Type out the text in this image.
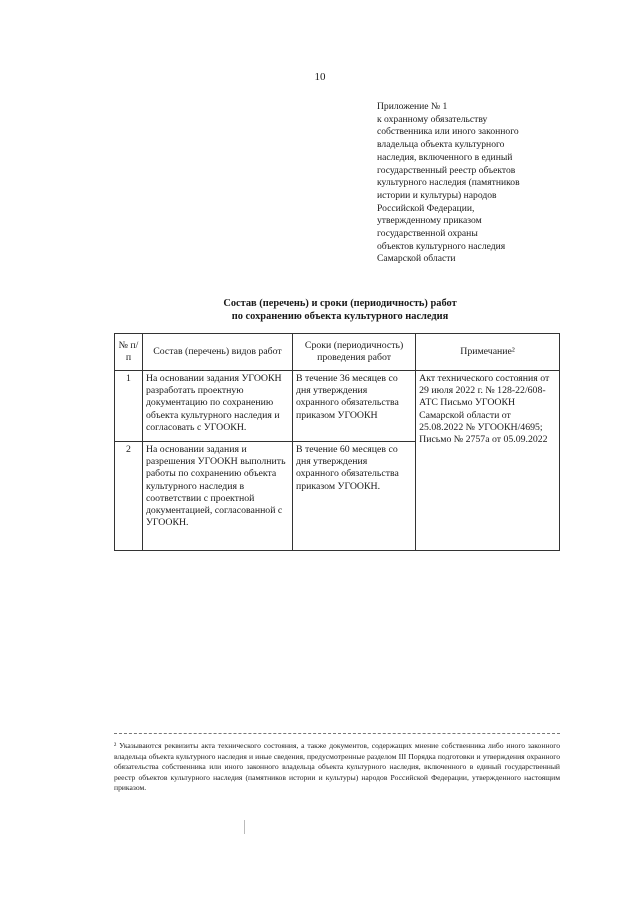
10
Приложение № 1
к охранному обязательству
собственника или иного законного
владельца объекта культурного
наследия, включенного в единый
государственный реестр объектов
культурного наследия (памятников
истории и культуры) народов
Российской Федерации,
утвержденному приказом
государственной охраны
объектов культурного наследия
Самарской области
Состав (перечень) и сроки (периодичность) работ
по сохранению объекта культурного наследия
№ п/п	Состав (перечень) видов работ	Сроки (периодичность) проведения работ	Примечание²
1	На основании задания УГООКН разработать проектную документацию по сохранению объекта культурного наследия и согласовать с УГООКН.	В течение 36 месяцев со дня утверждения охранного обязательства приказом УГООКН	Акт технического состояния от 29 июля 2022 г. № 128-22/608-АТС Письмо УГООКН Самарской области от 25.08.2022 № УГООКН/4695; Письмо № 2757а от 05.09.2022
2	На основании задания и разрешения УГООКН выполнить работы по сохранению объекта культурного наследия в соответствии с проектной документацией, согласованной с УГООКН.	В течение 60 месяцев со дня утверждения охранного обязательства приказом УГООКН.	
² Указываются реквизиты акта технического состояния, а также документов, содержащих мнение собственника либо иного законного владельца объекта культурного наследия и иные сведения, предусмотренные разделом III Порядка подготовки и утверждения охранного обязательства собственника или иного законного владельца объекта культурного наследия, включенного в единый государственный реестр объектов культурного наследия (памятников истории и культуры) народов Российской Федерации, утвержденного настоящим приказом.
